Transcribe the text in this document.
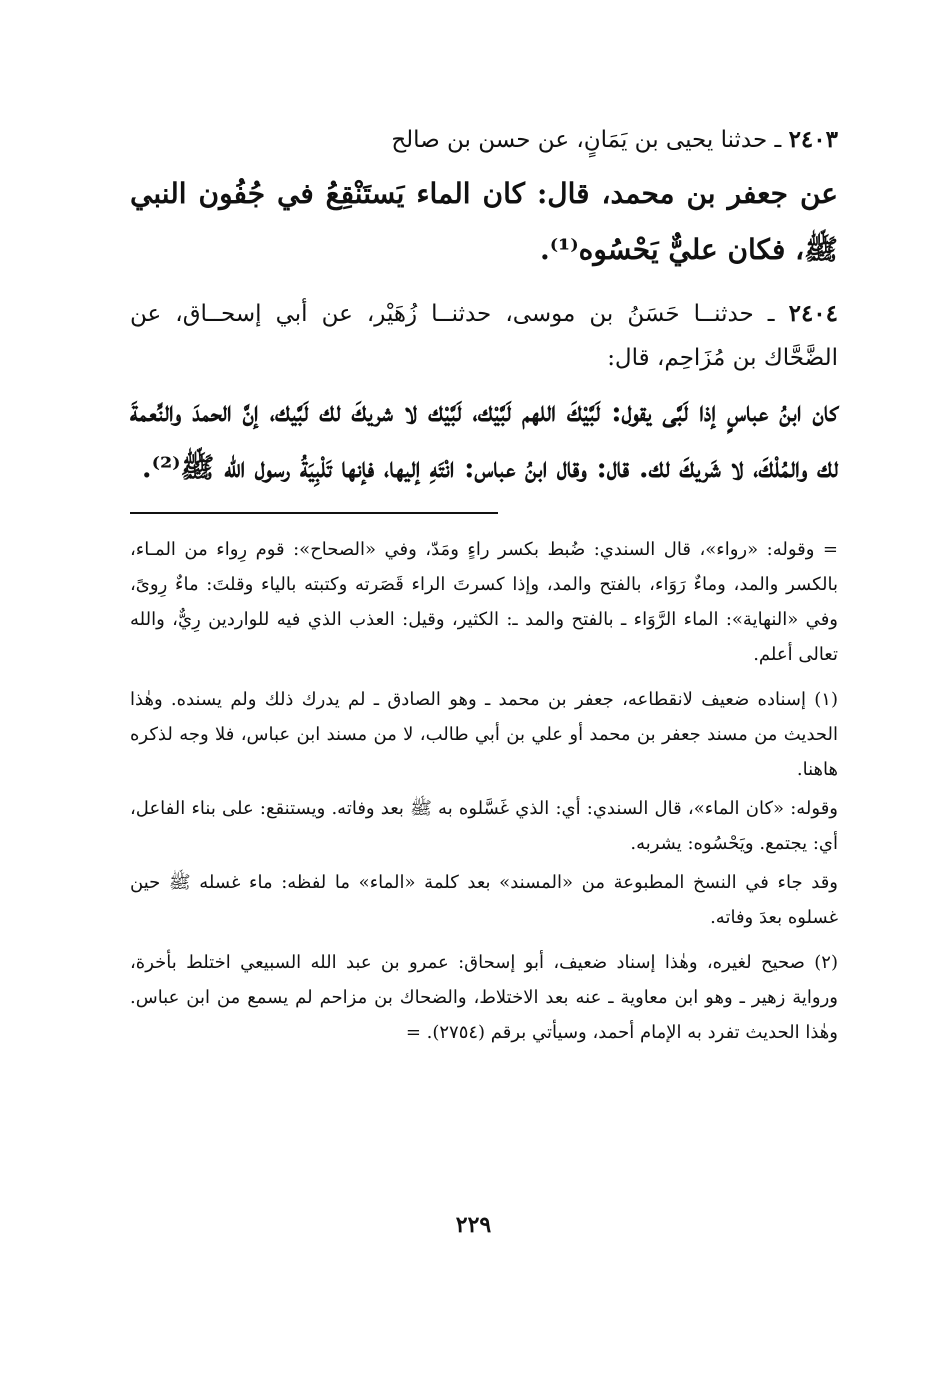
٢٤٠٣ ـ حدثنا يحيى بن يَمَانٍ، عن حسن بن صالح
عن جعفر بن محمد، قال: كان الماء يَستَنْقِعُ في جُفُون النبي ﷺ، فكان عليٌّ يَحْسُوه⁽¹⁾.
٢٤٠٤ ـ حدثنــا حَسَنُ بن موسى، حدثنــا زُهَيْر، عن أبي إسحــاق، عن الضَّحَّاك بن مُزَاحِم، قال:
كان ابنُ عباسٍ إذا لَبَّى يقول: لَبَّيْكَ اللهم لَبَّيْك، لَبَّيْك لا شريكَ لك لَبَّيك، إنَّ الحمدَ والنِّعمةَ لك والمُلْكَ، لا شَريكَ لك. قال: وقال ابنُ عباس: انْتَهِ إليها، فإنها تَلْبِيَةُ رسول الله ﷺ⁽²⁾.

= وقوله: «رواء»، قال السندي: ضُبط بكسر راءٍ ومَدّ، وفي «الصحاح»: قوم رِواء من المـاء، بالكسر والمد، وماءٌ رَوَاء، بالفتح والمد، وإذا كسرتَ الراء قَصَرته وكتبته بالياء وقلتَ: ماءٌ رِوىً، وفي «النهاية»: الماء الرَّوَاء ـ بالفتح والمد ـ: الكثير، وقيل: العذب الذي فيه للواردين رِيٌّ، والله تعالى أعلم.

(١) إسناده ضعيف لانقطاعه، جعفر بن محمد ـ وهو الصادق ـ لم يدرك ذلك ولم يسنده. وهٰذا الحديث من مسند جعفر بن محمد أو علي بن أبي طالب، لا من مسند ابن عباس، فلا وجه لذكره هاهنا.

وقوله: «كان الماء»، قال السندي: أي: الذي غَسَّلوه به ﷺ بعد وفاته. ويستنقع: على بناء الفاعل، أي: يجتمع. ويَحْسُوه: يشربه.

وقد جاء في النسخ المطبوعة من «المسند» بعد كلمة «الماء» ما لفظه: ماء غسله ﷺ حين غسلوه بعدَ وفاته.

(٢) صحيح لغيره، وهٰذا إسناد ضعيف، أبو إسحاق: عمرو بن عبد الله السبيعي اختلط بأخرة، ورواية زهير ـ وهو ابن معاوية ـ عنه بعد الاختلاط، والضحاك بن مزاحم لم يسمع من ابن عباس. وهٰذا الحديث تفرد به الإمام أحمد، وسيأتي برقم (٢٧٥٤). =

٢٢٩
